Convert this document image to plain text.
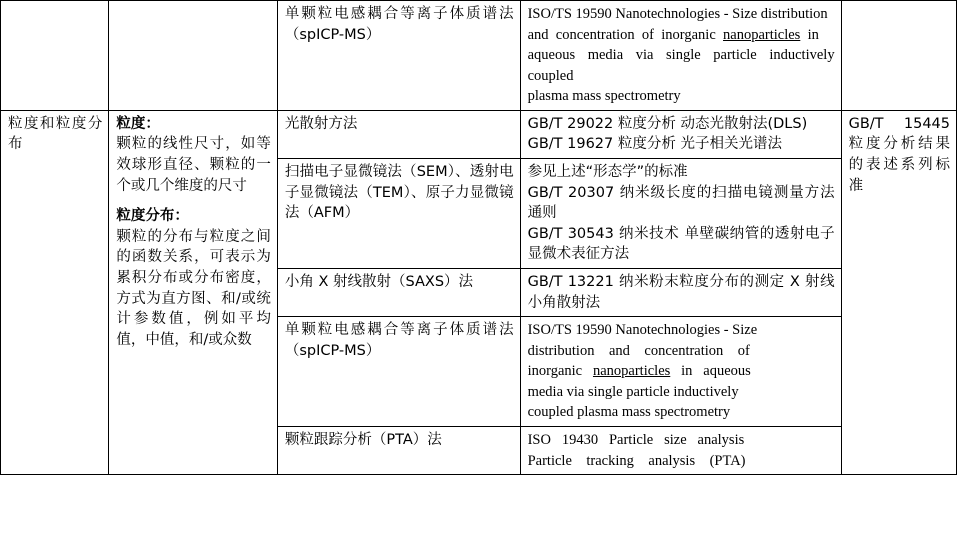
		单颗粒电感耦合等离子体质谱法（spICP-MS）	ISO/TS 19590 Nanotechnologies - Size distribution
and  concentration  of  inorganic  nanoparticles  in
aqueous media via single particle inductively coupled
plasma mass spectrometry	

粒度和粒度分布	粒度：
颗粒的线性尺寸，如等效球形直径、颗粒的一个或几个维度的尺寸
粒度分布：
颗粒的分布与粒度之间的函数关系，可表示为累积分布或分布密度，方式为直方图、和/或统计参数值，例如平均值，中值，和/或众数	光散射方法	GB/T 29022 粒度分析 动态光散射法(DLS)
GB/T 19627 粒度分析 光子相关光谱法	GB/T 15445 粒度分析结果的表述系列标准

		扫描电子显微镜法（SEM）、透射电子显微镜法（TEM）、原子力显微镜法（AFM）	参见上述“形态学”的标准
GB/T 20307 纳米级长度的扫描电镜测量方法通则
GB/T 30543 纳米技术 单壁碳纳管的透射电子显微术表征方法	

		小角 X 射线散射（SAXS）法	GB/T 13221 纳米粉末粒度分布的测定 X 射线小角散射法	

		单颗粒电感耦合等离子体质谱法（spICP-MS）	ISO/TS 19590 Nanotechnologies - Size
distribution    and    concentration    of
inorganic   nanoparticles   in   aqueous
media via single particle inductively
coupled plasma mass spectrometry	

		颗粒跟踪分析（PTA）法	ISO   19430   Particle   size   analysis
Particle    tracking    analysis    (PTA)	
